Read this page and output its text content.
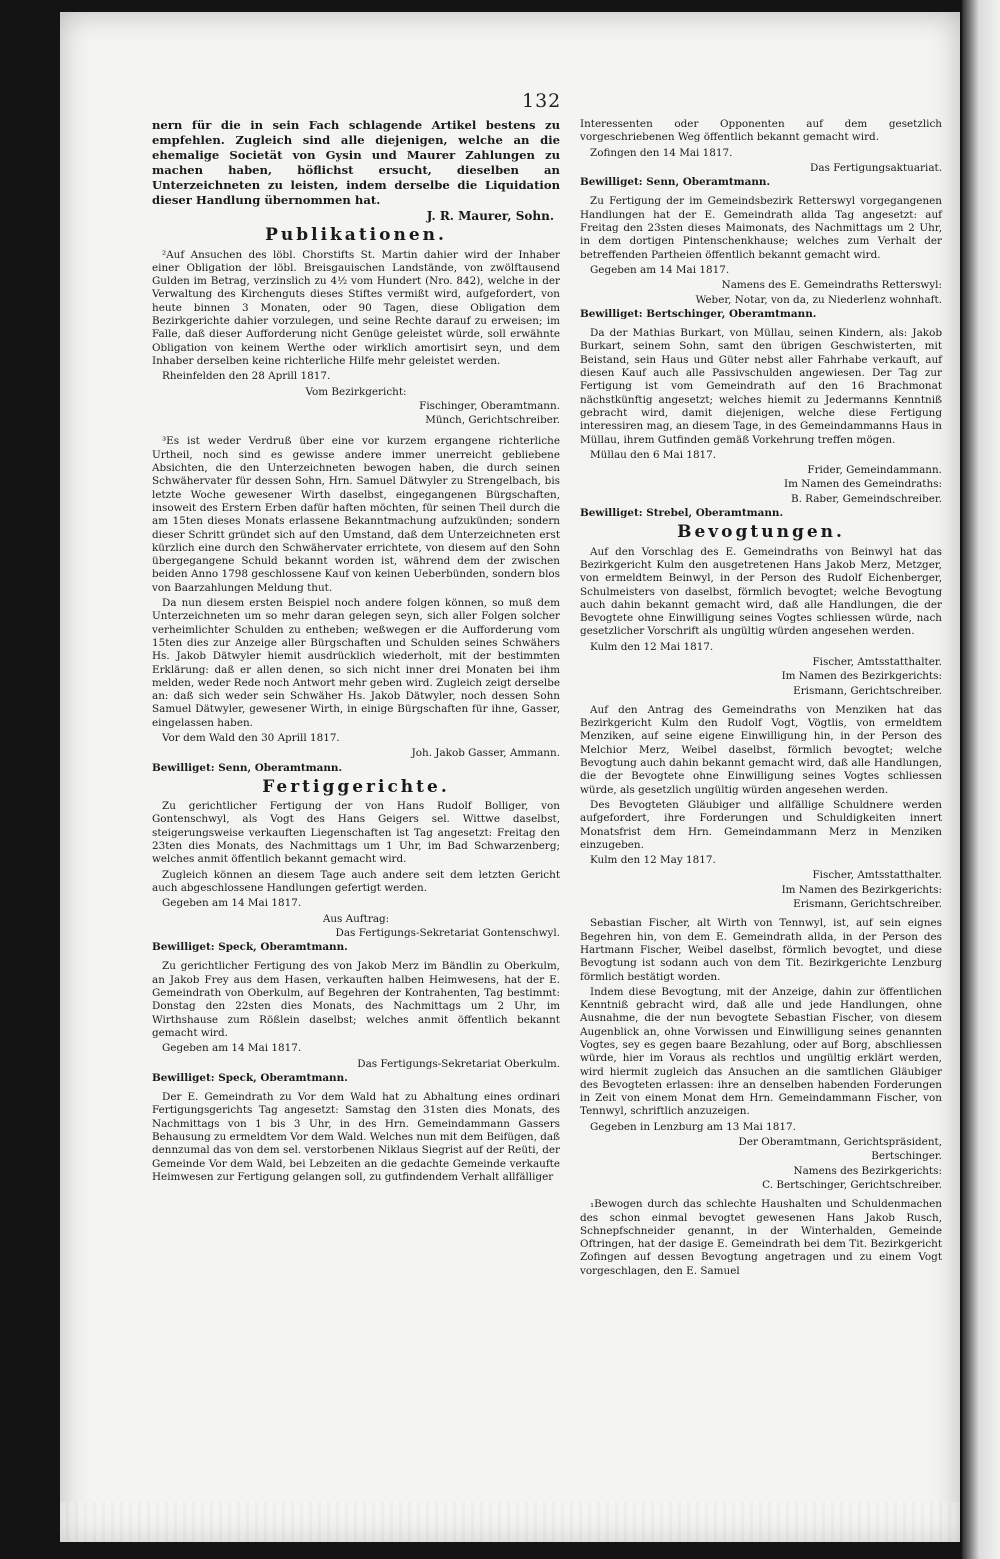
132

nern für die in sein Fach schlagende Artikel bestens zu empfehlen. Zugleich sind alle diejenigen, welche an die ehemalige Societät von Gysin und Maurer Zahlungen zu machen haben, höflichst ersucht, dieselben an Unterzeichneten zu leisten, indem derselbe die Liquidation dieser Handlung übernommen hat.

J. R. Maurer, Sohn.
Publikationen.

²Auf Ansuchen des löbl. Chorstifts St. Martin dahier wird der Inhaber einer Obligation der löbl. Breisgauischen Landstände, von zwölftausend Gulden im Betrag, verzinslich zu 4½ vom Hundert (Nro. 842), welche in der Verwaltung des Kirchenguts dieses Stiftes vermißt wird, aufgefordert, von heute binnen 3 Monaten, oder 90 Tagen, diese Obligation dem Bezirkgerichte dahier vorzulegen, und seine Rechte darauf zu erweisen; im Falle, daß dieser Aufforderung nicht Genüge geleistet würde, soll erwähnte Obligation von keinem Werthe oder wirklich amortisirt seyn, und dem Inhaber derselben keine richterliche Hilfe mehr geleistet werden.

Rheinfelden den 28 Aprill 1817.
Vom Bezirkgericht:
Fischinger, Oberamtmann.
Münch, Gerichtschreiber.

³Es ist weder Verdruß über eine vor kurzem ergangene richterliche Urtheil, noch sind es gewisse andere immer unerreicht gebliebene Absichten, die den Unterzeichneten bewogen haben, die durch seinen Schwähervater für dessen Sohn, Hrn. Samuel Dätwyler zu Strengelbach, bis letzte Woche gewesener Wirth daselbst, eingegangenen Bürgschaften, insoweit des Erstern Erben dafür haften möchten, für seinen Theil durch die am 15ten dieses Monats erlassene Bekanntmachung aufzukünden; sondern dieser Schritt gründet sich auf den Umstand, daß dem Unterzeichneten erst kürzlich eine durch den Schwähervater errichtete, von diesem auf den Sohn übergegangene Schuld bekannt worden ist, während dem der zwischen beiden Anno 1798 geschlossene Kauf von keinen Ueberbünden, sondern blos von Baarzahlungen Meldung thut.

Da nun diesem ersten Beispiel noch andere folgen können, so muß dem Unterzeichneten um so mehr daran gelegen seyn, sich aller Folgen solcher verheimlichter Schulden zu entheben; weßwegen er die Aufforderung vom 15ten dies zur Anzeige aller Bürgschaften und Schulden seines Schwähers Hs. Jakob Dätwyler hiemit ausdrücklich wiederholt, mit der bestimmten Erklärung: daß er allen denen, so sich nicht inner drei Monaten bei ihm melden, weder Rede noch Antwort mehr geben wird. Zugleich zeigt derselbe an: daß sich weder sein Schwäher Hs. Jakob Dätwyler, noch dessen Sohn Samuel Dätwyler, gewesener Wirth, in einige Bürgschaften für ihne, Gasser, eingelassen haben.

Vor dem Wald den 30 Aprill 1817.
Joh. Jakob Gasser, Ammann.
Bewilliget: Senn, Oberamtmann.
Fertiggerichte.

Zu gerichtlicher Fertigung der von Hans Rudolf Bolliger, von Gontenschwyl, als Vogt des Hans Geigers sel. Wittwe daselbst, steigerungsweise verkauften Liegenschaften ist Tag angesetzt: Freitag den 23ten dies Monats, des Nachmittags um 1 Uhr, im Bad Schwarzenberg; welches anmit öffentlich bekannt gemacht wird.

Zugleich können an diesem Tage auch andere seit dem letzten Gericht auch abgeschlossene Handlungen gefertigt werden.

Gegeben am 14 Mai 1817.
Aus Auftrag:
Das Fertigungs-Sekretariat Gontenschwyl.
Bewilliget: Speck, Oberamtmann.

Zu gerichtlicher Fertigung des von Jakob Merz im Bändlin zu Oberkulm, an Jakob Frey aus dem Hasen, verkauften halben Heimwesens, hat der E. Gemeindrath von Oberkulm, auf Begehren der Kontrahenten, Tag bestimmt: Donstag den 22sten dies Monats, des Nachmittags um 2 Uhr, im Wirthshause zum Rößlein daselbst; welches anmit öffentlich bekannt gemacht wird.

Gegeben am 14 Mai 1817.
Das Fertigungs-Sekretariat Oberkulm.
Bewilliget: Speck, Oberamtmann.

Der E. Gemeindrath zu Vor dem Wald hat zu Abhaltung eines ordinari Fertigungsgerichts Tag angesetzt: Samstag den 31sten dies Monats, des Nachmittags von 1 bis 3 Uhr, in des Hrn. Gemeindammann Gassers Behausung zu ermeldtem Vor dem Wald. Welches nun mit dem Beifügen, daß dennzumal das von dem sel. verstorbenen Niklaus Siegrist auf der Reüti, der Gemeinde Vor dem Wald, bei Lebzeiten an die gedachte Gemeinde verkaufte Heimwesen zur Fertigung gelangen soll, zu gutfindendem Verhalt allfälliger

Interessenten oder Opponenten auf dem gesetzlich vorgeschriebenen Weg öffentlich bekannt gemacht wird.

Zofingen den 14 Mai 1817.
Das Fertigungsaktuariat.
Bewilliget: Senn, Oberamtmann.

Zu Fertigung der im Gemeindsbezirk Retterswyl vorgegangenen Handlungen hat der E. Gemeindrath allda Tag angesetzt: auf Freitag den 23sten dieses Maimonats, des Nachmittags um 2 Uhr, in dem dortigen Pintenschenkhause; welches zum Verhalt der betreffenden Partheien öffentlich bekannt gemacht wird.

Gegeben am 14 Mai 1817.
Namens des E. Gemeindraths Retterswyl:
Weber, Notar, von da, zu Niederlenz wohnhaft.
Bewilliget: Bertschinger, Oberamtmann.

Da der Mathias Burkart, von Müllau, seinen Kindern, als: Jakob Burkart, seinem Sohn, samt den übrigen Geschwisterten, mit Beistand, sein Haus und Güter nebst aller Fahrhabe verkauft, auf diesen Kauf auch alle Passivschulden angewiesen. Der Tag zur Fertigung ist vom Gemeindrath auf den 16 Brachmonat nächstkünftig angesetzt; welches hiemit zu Jedermanns Kenntniß gebracht wird, damit diejenigen, welche diese Fertigung interessiren mag, an diesem Tage, in des Gemeindammanns Haus in Müllau, ihrem Gutfinden gemäß Vorkehrung treffen mögen.

Müllau den 6 Mai 1817.
Frider, Gemeindammann.
Im Namen des Gemeindraths:
B. Raber, Gemeindschreiber.
Bewilliget: Strebel, Oberamtmann.
Bevogtungen.

Auf den Vorschlag des E. Gemeindraths von Beinwyl hat das Bezirkgericht Kulm den ausgetretenen Hans Jakob Merz, Metzger, von ermeldtem Beinwyl, in der Person des Rudolf Eichenberger, Schulmeisters von daselbst, förmlich bevogtet; welche Bevogtung auch dahin bekannt gemacht wird, daß alle Handlungen, die der Bevogtete ohne Einwilligung seines Vogtes schliessen würde, nach gesetzlicher Vorschrift als ungültig würden angesehen werden.

Kulm den 12 Mai 1817.
Fischer, Amtsstatthalter.
Im Namen des Bezirkgerichts:
Erismann, Gerichtschreiber.

Auf den Antrag des Gemeindraths von Menziken hat das Bezirkgericht Kulm den Rudolf Vogt, Vögtlis, von ermeldtem Menziken, auf seine eigene Einwilligung hin, in der Person des Melchior Merz, Weibel daselbst, förmlich bevogtet; welche Bevogtung auch dahin bekannt gemacht wird, daß alle Handlungen, die der Bevogtete ohne Einwilligung seines Vogtes schliessen würde, als gesetzlich ungültig würden angesehen werden.

Des Bevogteten Gläubiger und allfällige Schuldnere werden aufgefordert, ihre Forderungen und Schuldigkeiten innert Monatsfrist dem Hrn. Gemeindammann Merz in Menziken einzugeben.

Kulm den 12 May 1817.
Fischer, Amtsstatthalter.
Im Namen des Bezirkgerichts:
Erismann, Gerichtschreiber.

Sebastian Fischer, alt Wirth von Tennwyl, ist, auf sein eignes Begehren hin, von dem E. Gemeindrath allda, in der Person des Hartmann Fischer, Weibel daselbst, förmlich bevogtet, und diese Bevogtung ist sodann auch von dem Tit. Bezirkgerichte Lenzburg förmlich bestätigt worden.

Indem diese Bevogtung, mit der Anzeige, dahin zur öffentlichen Kenntniß gebracht wird, daß alle und jede Handlungen, ohne Ausnahme, die der nun bevogtete Sebastian Fischer, von diesem Augenblick an, ohne Vorwissen und Einwilligung seines genannten Vogtes, sey es gegen baare Bezahlung, oder auf Borg, abschliessen würde, hier im Voraus als rechtlos und ungültig erklärt werden, wird hiermit zugleich das Ansuchen an die samtlichen Gläubiger des Bevogteten erlassen: ihre an denselben habenden Forderungen in Zeit von einem Monat dem Hrn. Gemeindammann Fischer, von Tennwyl, schriftlich anzuzeigen.

Gegeben in Lenzburg am 13 Mai 1817.
Der Oberamtmann, Gerichtspräsident,
Bertschinger.
Namens des Bezirkgerichts:
C. Bertschinger, Gerichtschreiber.

₁Bewogen durch das schlechte Haushalten und Schuldenmachen des schon einmal bevogtet gewesenen Hans Jakob Rusch, Schnepfschneider genannt, in der Winterhalden, Gemeinde Oftringen, hat der dasige E. Gemeindrath bei dem Tit. Bezirkgericht Zofingen auf dessen Bevogtung angetragen und zu einem Vogt vorgeschlagen, den E. Samuel
